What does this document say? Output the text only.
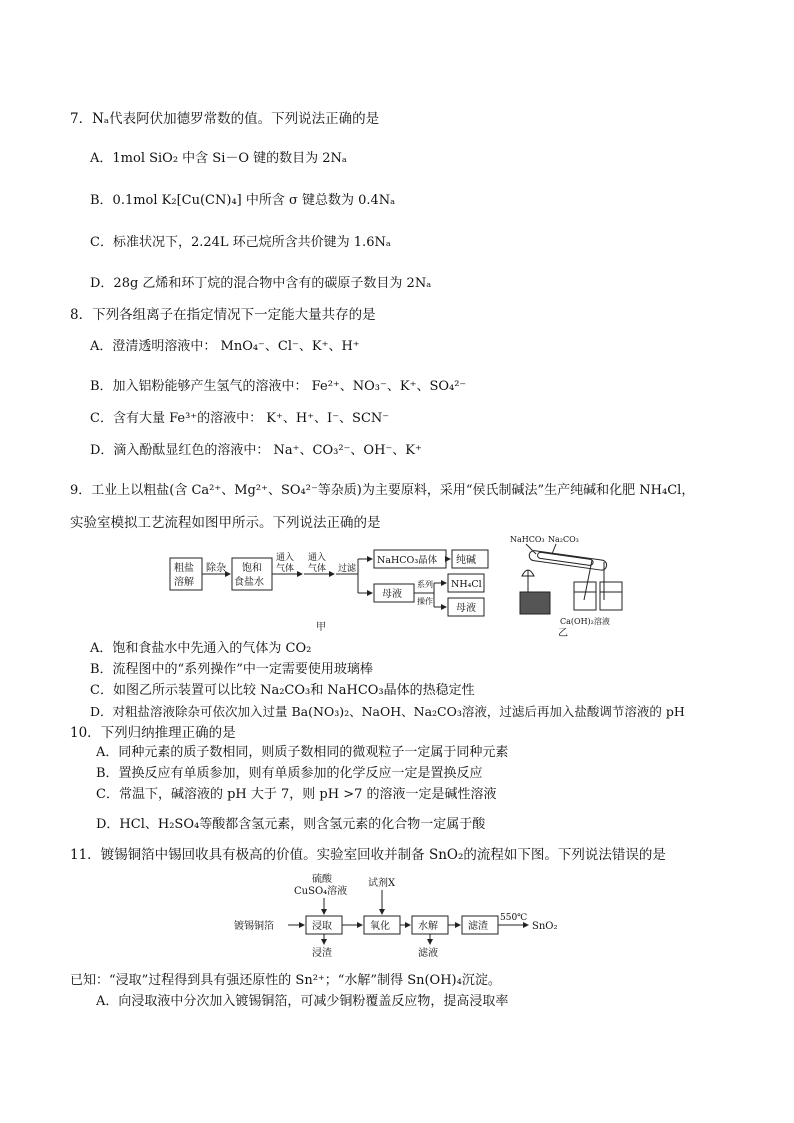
7．Nₐ代表阿伏加德罗常数的值。下列说法正确的是
A．1mol SiO₂ 中含 Si－O 键的数目为 2Nₐ
B．0.1mol K₂[Cu(CN)₄] 中所含 σ 键总数为 0.4Nₐ
C．标准状况下，2.24L 环己烷所含共价键为 1.6Nₐ
D．28g 乙烯和环丁烷的混合物中含有的碳原子数目为 2Nₐ
8．下列各组离子在指定情况下一定能大量共存的是
A．澄清透明溶液中： MnO₄⁻、Cl⁻、K⁺、H⁺
B．加入铝粉能够产生氢气的溶液中： Fe²⁺、NO₃⁻、K⁺、SO₄²⁻
C．含有大量 Fe³⁺的溶液中： K⁺、H⁺、I⁻、SCN⁻
D．滴入酚酞显红色的溶液中： Na⁺、CO₃²⁻、OH⁻、K⁺
9．工业上以粗盐(含 Ca²⁺、Mg²⁺、SO₄²⁻等杂质)为主要原料，采用“侯氏制碱法”生产纯碱和化肥 NH₄Cl，
实验室模拟工艺流程如图甲所示。下列说法正确的是
粗盐
溶解
除杂 饱和
食盐水
通入
气体
通入
气体 过滤
NaHCO₃晶体 纯碱
母液
系列
操作
NH₄Cl
母液
甲
NaHCO₃ Na₂CO₃
Ca(OH)₂溶液
乙
A．饱和食盐水中先通入的气体为 CO₂
B．流程图中的“系列操作”中一定需要使用玻璃棒
C．如图乙所示装置可以比较 Na₂CO₃和 NaHCO₃晶体的热稳定性
D．对粗盐溶液除杂可依次加入过量 Ba(NO₃)₂、NaOH、Na₂CO₃溶液，过滤后再加入盐酸调节溶液的 pH
10．下列归纳推理正确的是
A．同种元素的质子数相同，则质子数相同的微观粒子一定属于同种元素
B．置换反应有单质参加，则有单质参加的化学反应一定是置换反应
C．常温下，碱溶液的 pH 大于 7，则 pH >7 的溶液一定是碱性溶液
D．HCl、H₂SO₄等酸都含氢元素，则含氢元素的化合物一定属于酸
11．镀锡铜箔中锡回收具有极高的价值。实验室回收并制备 SnO₂的流程如下图。下列说法错误的是
硫酸
CuSO₄溶液
试剂X
镀锡铜箔	浸取	氧化	水解	滤渣
550℃
SnO₂
浸渣	滤液
已知：“浸取”过程得到具有强还原性的 Sn²⁺；“水解”制得 Sn(OH)₄沉淀。
A．向浸取液中分次加入镀锡铜箔，可减少铜粉覆盖反应物，提高浸取率
